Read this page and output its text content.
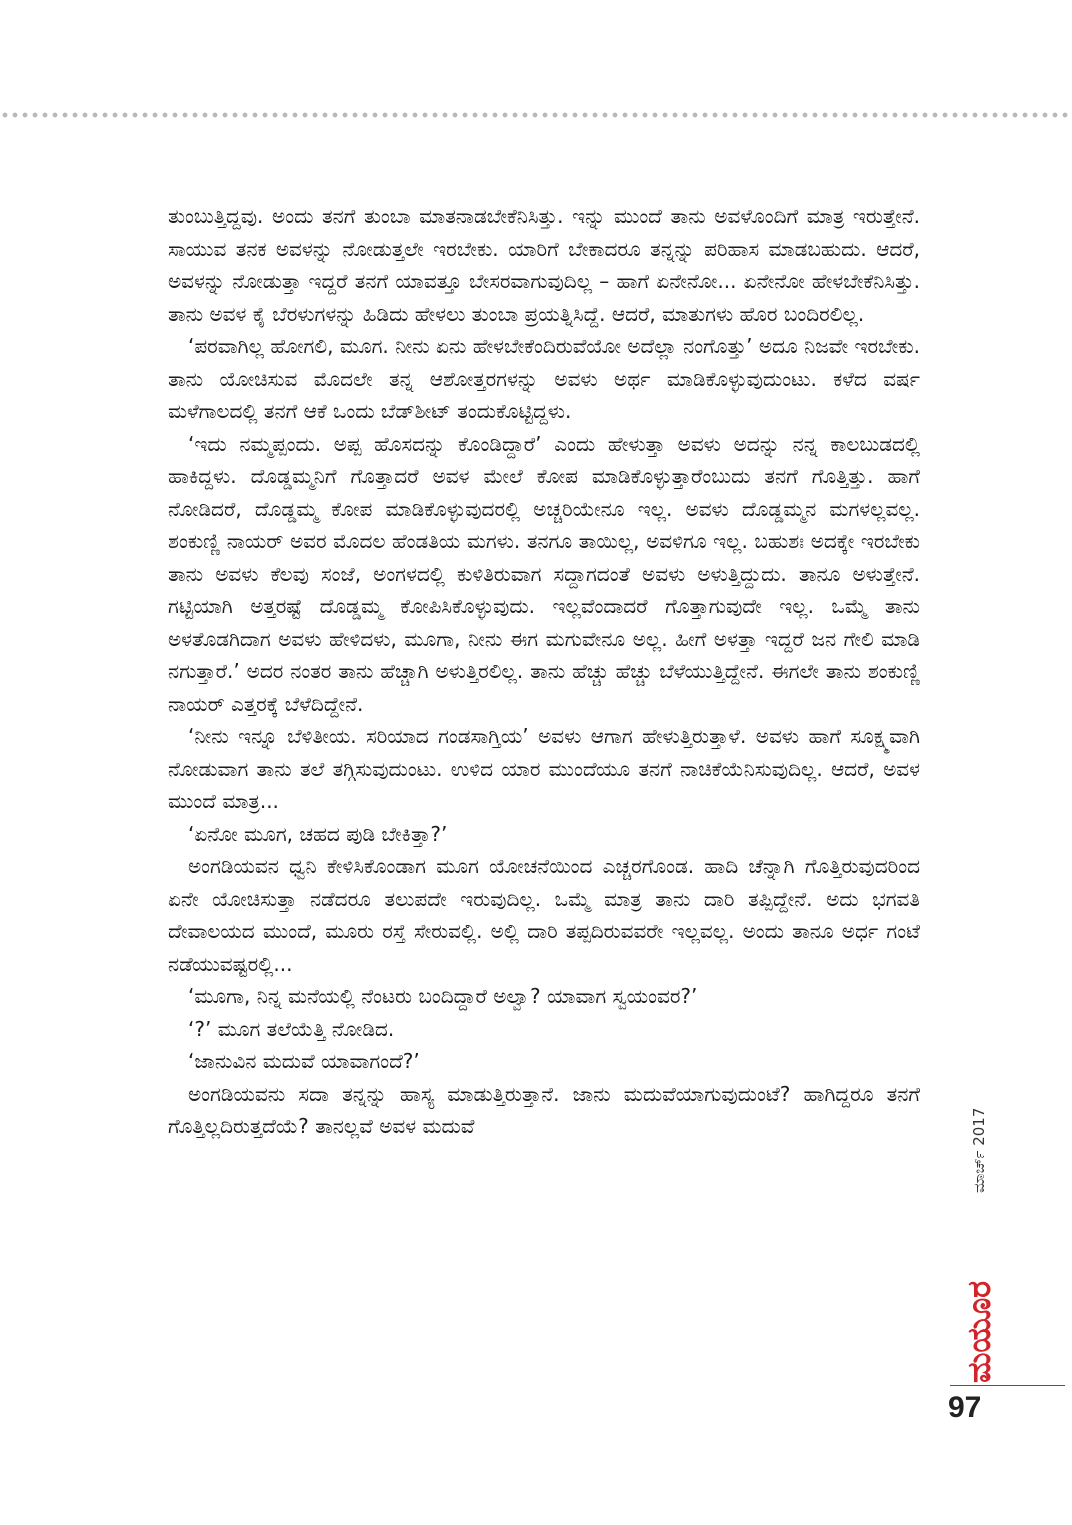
ತುಂಬುತ್ತಿದ್ದವು. ಅಂದು ತನಗೆ ತುಂಬಾ ಮಾತನಾಡಬೇಕೆನಿಸಿತ್ತು. ಇನ್ನು ಮುಂದೆ ತಾನು ಅವಳೊಂದಿಗೆ ಮಾತ್ರ ಇರುತ್ತೇನೆ. ಸಾಯುವ ತನಕ ಅವಳನ್ನು ನೋಡುತ್ತಲೇ ಇರಬೇಕು. ಯಾರಿಗೆ ಬೇಕಾದರೂ ತನ್ನನ್ನು ಪರಿಹಾಸ ಮಾಡಬಹುದು. ಆದರೆ, ಅವಳನ್ನು ನೋಡುತ್ತಾ ಇದ್ದರೆ ತನಗೆ ಯಾವತ್ತೂ ಬೇಸರವಾಗುವುದಿಲ್ಲ – ಹಾಗೆ ಏನೇನೋ... ಏನೇನೋ ಹೇಳಬೇಕೆನಿಸಿತ್ತು. ತಾನು ಅವಳ ಕೈ ಬೆರಳುಗಳನ್ನು ಹಿಡಿದು ಹೇಳಲು ತುಂಬಾ ಪ್ರಯತ್ನಿಸಿದ್ದೆ. ಆದರೆ, ಮಾತುಗಳು ಹೊರ ಬಂದಿರಲಿಲ್ಲ.

‘ಪರವಾಗಿಲ್ಲ ಹೋಗಲಿ, ಮೂಗ. ನೀನು ಏನು ಹೇಳಬೇಕೆಂದಿರುವೆಯೋ ಅದೆಲ್ಲಾ ನಂಗೊತ್ತು’ ಅದೂ ನಿಜವೇ ಇರಬೇಕು. ತಾನು ಯೋಚಿಸುವ ಮೊದಲೇ ತನ್ನ ಆಶೋತ್ತರಗಳನ್ನು ಅವಳು ಅರ್ಥ ಮಾಡಿಕೊಳ್ಳುವುದುಂಟು. ಕಳೆದ ವರ್ಷ ಮಳೆಗಾಲದಲ್ಲಿ ತನಗೆ ಆಕೆ ಒಂದು ಬೆಡ್‌ಶೀಟ್ ತಂದುಕೊಟ್ಟಿದ್ದಳು.

‘ಇದು ನಮ್ಮಪ್ಪಂದು. ಅಪ್ಪ ಹೊಸದನ್ನು ಕೊಂಡಿದ್ದಾರೆ’ ಎಂದು ಹೇಳುತ್ತಾ ಅವಳು ಅದನ್ನು ನನ್ನ ಕಾಲಬುಡದಲ್ಲಿ ಹಾಕಿದ್ದಳು. ದೊಡ್ಡಮ್ಮನಿಗೆ ಗೊತ್ತಾದರೆ ಅವಳ ಮೇಲೆ ಕೋಪ ಮಾಡಿಕೊಳ್ಳುತ್ತಾರೆಂಬುದು ತನಗೆ ಗೊತ್ತಿತ್ತು. ಹಾಗೆ ನೋಡಿದರೆ, ದೊಡ್ಡಮ್ಮ ಕೋಪ ಮಾಡಿಕೊಳ್ಳುವುದರಲ್ಲಿ ಅಚ್ಚರಿಯೇನೂ ಇಲ್ಲ. ಅವಳು ದೊಡ್ಡಮ್ಮನ ಮಗಳಲ್ಲವಲ್ಲ. ಶಂಕುಣ್ಣಿ ನಾಯರ್ ಅವರ ಮೊದಲ ಹೆಂಡತಿಯ ಮಗಳು. ತನಗೂ ತಾಯಿಲ್ಲ, ಅವಳಿಗೂ ಇಲ್ಲ. ಬಹುಶಃ ಅದಕ್ಕೇ ಇರಬೇಕು ತಾನು ಅವಳು ಕೆಲವು ಸಂಜೆ, ಅಂಗಳದಲ್ಲಿ ಕುಳಿತಿರುವಾಗ ಸದ್ದಾಗದಂತೆ ಅವಳು ಅಳುತ್ತಿದ್ದುದು. ತಾನೂ ಅಳುತ್ತೇನೆ. ಗಟ್ಟಿಯಾಗಿ ಅತ್ತರಷ್ಟೆ ದೊಡ್ಡಮ್ಮ ಕೋಪಿಸಿಕೊಳ್ಳುವುದು. ಇಲ್ಲವೆಂದಾದರೆ ಗೊತ್ತಾಗುವುದೇ ಇಲ್ಲ. ಒಮ್ಮೆ ತಾನು ಅಳತೊಡಗಿದಾಗ ಅವಳು ಹೇಳಿದಳು, ಮೂಗಾ, ನೀನು ಈಗ ಮಗುವೇನೂ ಅಲ್ಲ. ಹೀಗೆ ಅಳತ್ತಾ ಇದ್ದರೆ ಜನ ಗೇಲಿ ಮಾಡಿ ನಗುತ್ತಾರೆ.’ ಅದರ ನಂತರ ತಾನು ಹೆಚ್ಚಾಗಿ ಅಳುತ್ತಿರಲಿಲ್ಲ. ತಾನು ಹೆಚ್ಚು ಹೆಚ್ಚು ಬೆಳೆಯುತ್ತಿದ್ದೇನೆ. ಈಗಲೇ ತಾನು ಶಂಕುಣ್ಣಿ ನಾಯರ್ ಎತ್ತರಕ್ಕೆ ಬೆಳೆದಿದ್ದೇನೆ.

‘ನೀನು ಇನ್ನೂ ಬೆಳಿತೀಯ. ಸರಿಯಾದ ಗಂಡಸಾಗ್ತಿಯ’ ಅವಳು ಆಗಾಗ ಹೇಳುತ್ತಿರುತ್ತಾಳೆ. ಅವಳು ಹಾಗೆ ಸೂಕ್ಷ್ಮವಾಗಿ ನೋಡುವಾಗ ತಾನು ತಲೆ ತಗ್ಗಿಸುವುದುಂಟು. ಉಳಿದ ಯಾರ ಮುಂದೆಯೂ ತನಗೆ ನಾಚಿಕೆಯೆನಿಸುವುದಿಲ್ಲ. ಆದರೆ, ಅವಳ ಮುಂದೆ ಮಾತ್ರ...

‘ಏನೋ ಮೂಗ, ಚಹದ ಪುಡಿ ಬೇಕಿತ್ತಾ?’

ಅಂಗಡಿಯವನ ಧ್ವನಿ ಕೇಳಿಸಿಕೊಂಡಾಗ ಮೂಗ ಯೋಚನೆಯಿಂದ ಎಚ್ಚರಗೊಂಡ. ಹಾದಿ ಚೆನ್ನಾಗಿ ಗೊತ್ತಿರುವುದರಿಂದ ಏನೇ ಯೋಚಿಸುತ್ತಾ ನಡೆದರೂ ತಲುಪದೇ ಇರುವುದಿಲ್ಲ. ಒಮ್ಮೆ ಮಾತ್ರ ತಾನು ದಾರಿ ತಪ್ಪಿದ್ದೇನೆ. ಅದು ಭಗವತಿ ದೇವಾಲಯದ ಮುಂದೆ, ಮೂರು ರಸ್ತೆ ಸೇರುವಲ್ಲಿ. ಅಲ್ಲಿ ದಾರಿ ತಪ್ಪದಿರುವವರೇ ಇಲ್ಲವಲ್ಲ. ಅಂದು ತಾನೂ ಅರ್ಧ ಗಂಟೆ ನಡೆಯುವಷ್ಟರಲ್ಲಿ...

‘ಮೂಗಾ, ನಿನ್ನ ಮನೆಯಲ್ಲಿ ನೆಂಟರು ಬಂದಿದ್ದಾರೆ ಅಲ್ವಾ? ಯಾವಾಗ ಸ್ವಯಂವರ?’

‘?’ ಮೂಗ ತಲೆಯೆತ್ತಿ ನೋಡಿದ.

‘ಜಾನುವಿನ ಮದುವೆ ಯಾವಾಗಂದೆ?’

ಅಂಗಡಿಯವನು ಸದಾ ತನ್ನನ್ನು ಹಾಸ್ಯ ಮಾಡುತ್ತಿರುತ್ತಾನೆ. ಜಾನು ಮದುವೆಯಾಗುವುದುಂಟೆ? ಹಾಗಿದ್ದರೂ ತನಗೆ ಗೊತ್ತಿಲ್ಲದಿರುತ್ತದೆಯೆ? ತಾನಲ್ಲವೆ ಅವಳ ಮದುವೆ	ಮಾರ್ಚ್ 2017
ಮಯೂರ
97
